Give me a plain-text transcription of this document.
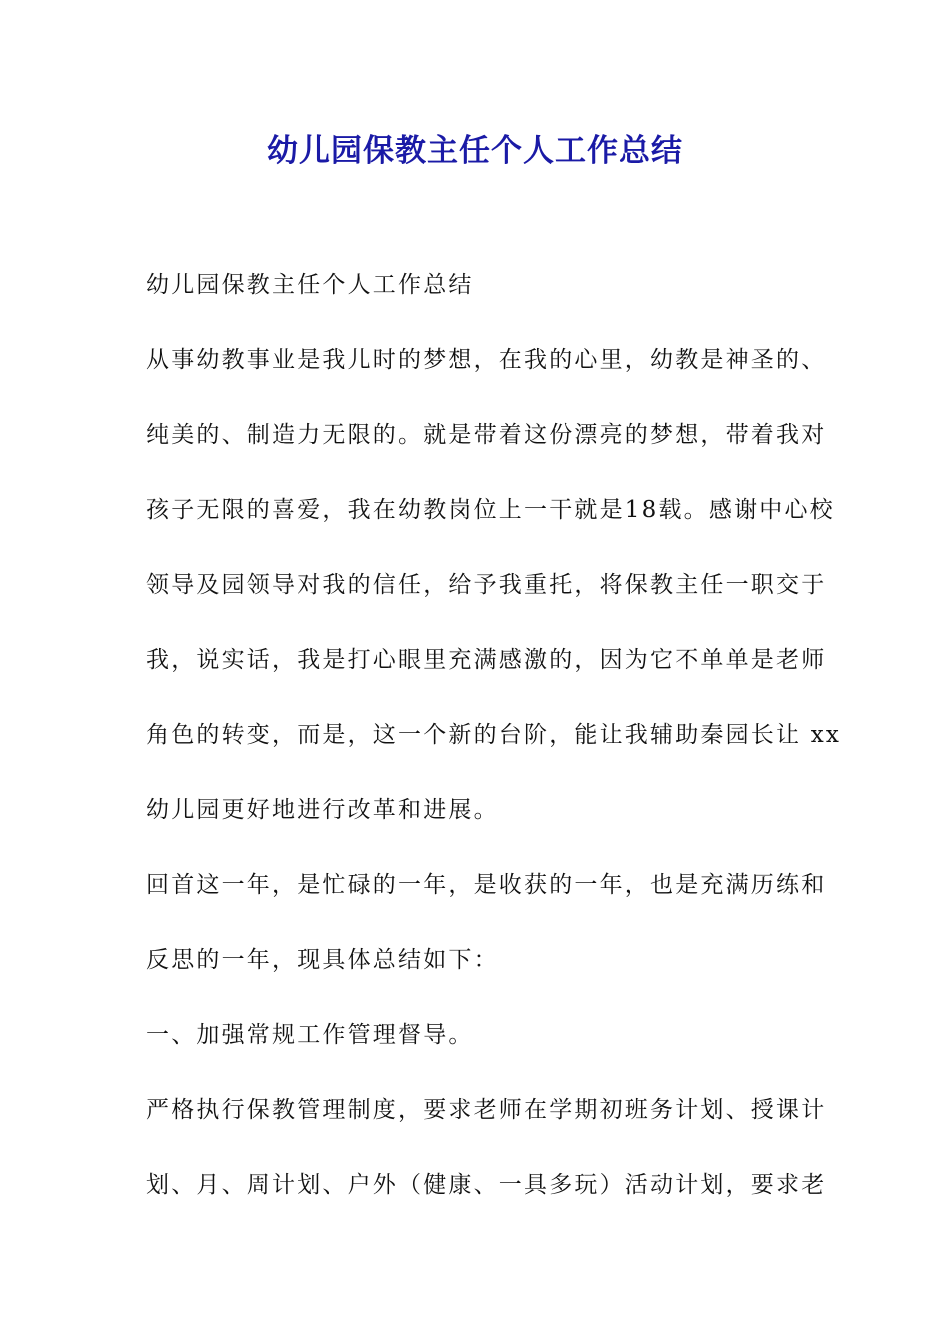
幼儿园保教主任个人工作总结
幼儿园保教主任个人工作总结
从事幼教事业是我儿时的梦想，在我的心里，幼教是神圣的、
纯美的、制造力无限的。就是带着这份漂亮的梦想，带着我对
孩子无限的喜爱，我在幼教岗位上一干就是18载。感谢中心校
领导及园领导对我的信任，给予我重托，将保教主任一职交于
我，说实话，我是打心眼里充满感激的，因为它不单单是老师
角色的转变，而是，这一个新的台阶，能让我辅助秦园长让 xx
幼儿园更好地进行改革和进展。
回首这一年，是忙碌的一年，是收获的一年，也是充满历练和
反思的一年，现具体总结如下：
一、加强常规工作管理督导。
严格执行保教管理制度，要求老师在学期初班务计划、授课计
划、月、周计划、户外（健康、一具多玩）活动计划，要求老
